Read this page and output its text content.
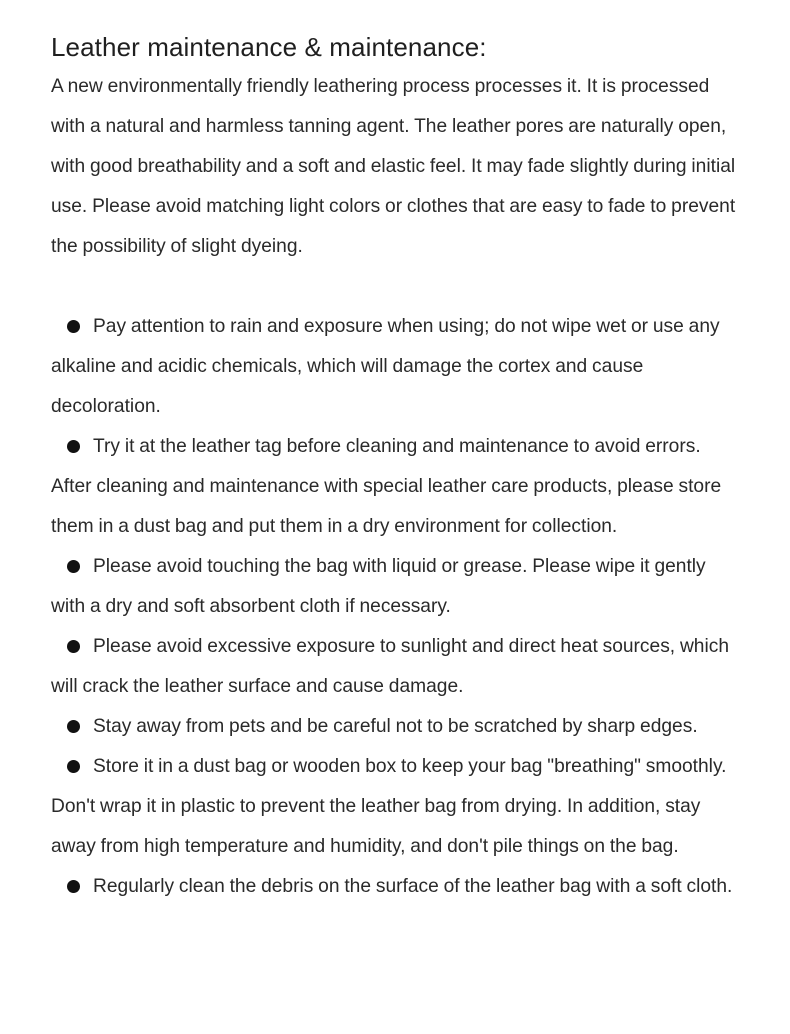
Leather maintenance & maintenance:

A new environmentally friendly leathering process processes it. It is processed with a natural and harmless tanning agent. The leather pores are naturally open, with good breathability and a soft and elastic feel. It may fade slightly during initial use. Please avoid matching light colors or clothes that are easy to fade to prevent the possibility of slight dyeing.

Pay attention to rain and exposure when using; do not wipe wet or use any alkaline and acidic chemicals, which will damage the cortex and cause decoloration.

Try it at the leather tag before cleaning and maintenance to avoid errors. After cleaning and maintenance with special leather care products, please store them in a dust bag and put them in a dry environment for collection.

Please avoid touching the bag with liquid or grease. Please wipe it gently with a dry and soft absorbent cloth if necessary.

Please avoid excessive exposure to sunlight and direct heat sources, which will crack the leather surface and cause damage.

Stay away from pets and be careful not to be scratched by sharp edges.

Store it in a dust bag or wooden box to keep your bag "breathing" smoothly. Don't wrap it in plastic to prevent the leather bag from drying. In addition, stay away from high temperature and humidity, and don't pile things on the bag.

Regularly clean the debris on the surface of the leather bag with a soft cloth.
